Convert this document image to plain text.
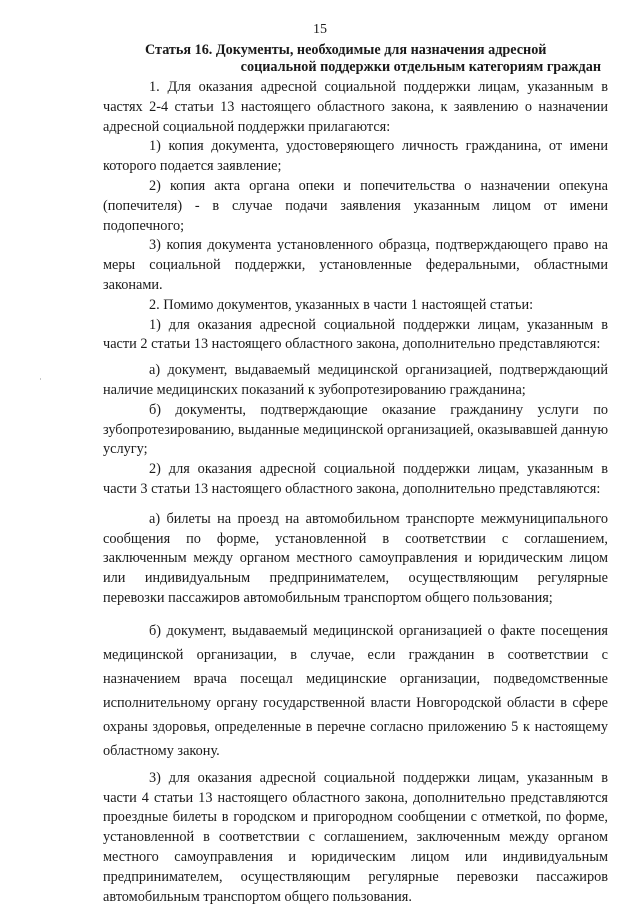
15
Статья 16. Документы, необходимые для назначения адресной
социальной поддержки отдельным категориям граждан

1. Для оказания адресной социальной поддержки лицам, указанным в частях 2-4 статьи 13 настоящего областного закона, к заявлению о назначении адресной социальной поддержки прилагаются:

1) копия документа, удостоверяющего личность гражданина, от имени которого подается заявление;

2) копия акта органа опеки и попечительства о назначении опекуна (попечителя) - в случае подачи заявления указанным лицом от имени подопечного;

3) копия документа установленного образца, подтверждающего право на меры социальной поддержки, установленные федеральными, областными законами.

2. Помимо документов, указанных в части 1 настоящей статьи:

1) для оказания адресной социальной поддержки лицам, указанным в части 2 статьи 13 настоящего областного закона, дополнительно представляются:

а) документ, выдаваемый медицинской организацией, подтверждающий наличие медицинских показаний к зубопротезированию гражданина;

б) документы, подтверждающие оказание гражданину услуги по зубопротезированию, выданные медицинской организацией, оказывавшей данную услугу;

2) для оказания адресной социальной поддержки лицам, указанным в части 3 статьи 13 настоящего областного закона, дополнительно представляются:

а) билеты на проезд на автомобильном транспорте межмуниципального сообщения по форме, установленной в соответствии с соглашением, заключенным между органом местного самоуправления и юридическим лицом или индивидуальным предпринимателем, осуществляющим регулярные перевозки пассажиров автомобильным транспортом общего пользования;

б) документ, выдаваемый медицинской организацией о факте посещения медицинской организации, в случае, если гражданин в соответствии с назначением врача посещал медицинские организации, подведомственные исполнительному органу государственной власти Новгородской области в сфере охраны здоровья, определенные в перечне согласно приложению 5 к настоящему областному закону.

3) для оказания адресной социальной поддержки лицам, указанным в части 4 статьи 13 настоящего областного закона, дополнительно представляются проездные билеты в городском и пригородном сообщении с отметкой, по форме, установленной в соответствии с соглашением, заключенным между органом местного самоуправления и юридическим лицом или индивидуальным предпринимателем, осуществляющим регулярные перевозки пассажиров автомобильным транспортом общего пользования.
